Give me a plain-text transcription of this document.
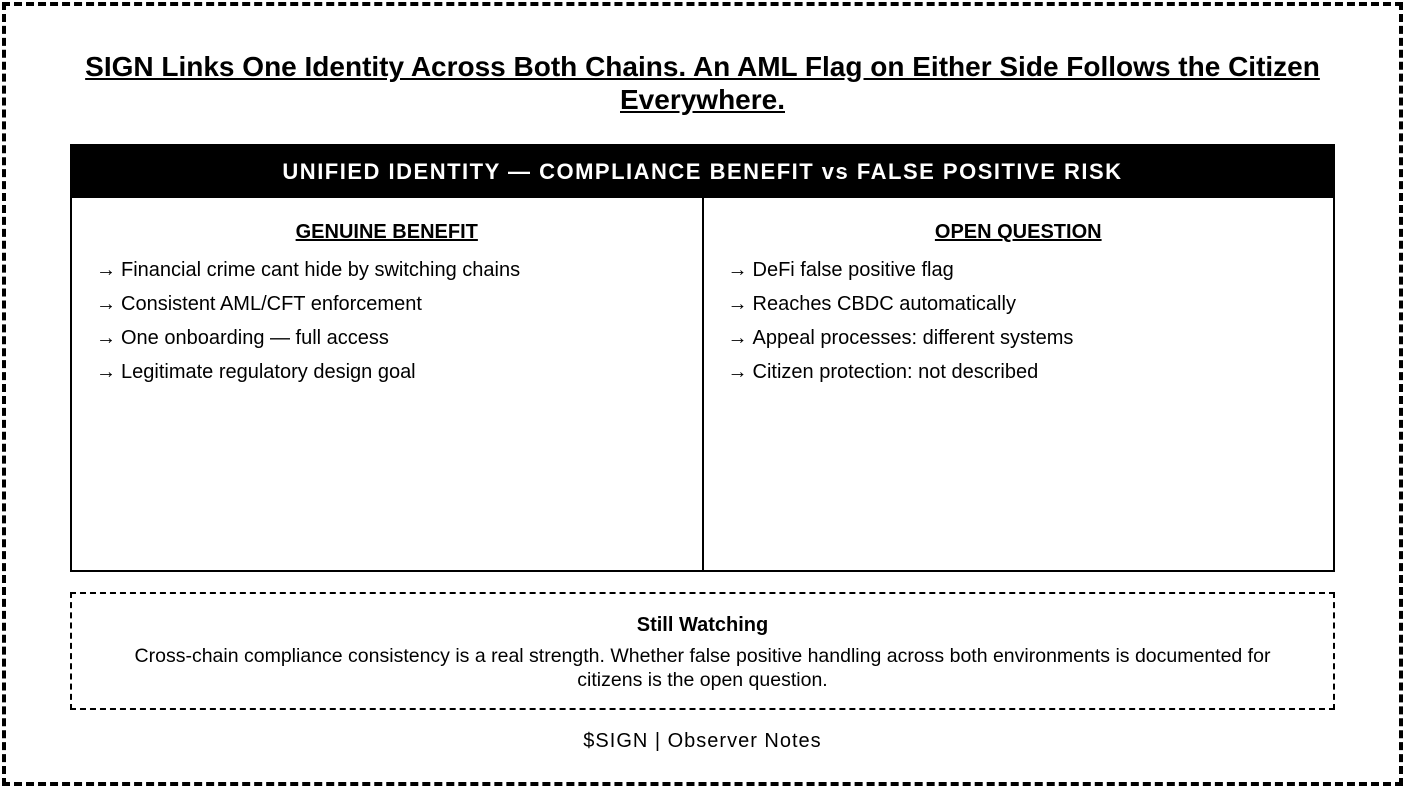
SIGN Links One Identity Across Both Chains. An AML Flag on Either Side Follows the Citizen Everywhere.
UNIFIED IDENTITY — COMPLIANCE BENEFIT vs FALSE POSITIVE RISK
GENUINE BENEFIT
→ Financial crime cant hide by switching chains
→ Consistent AML/CFT enforcement
→ One onboarding — full access
→ Legitimate regulatory design goal
OPEN QUESTION
→ DeFi false positive flag
→ Reaches CBDC automatically
→ Appeal processes: different systems
→ Citizen protection: not described
Still Watching
Cross-chain compliance consistency is a real strength. Whether false positive handling across both environments is documented for citizens is the open question.
$SIGN | Observer Notes
